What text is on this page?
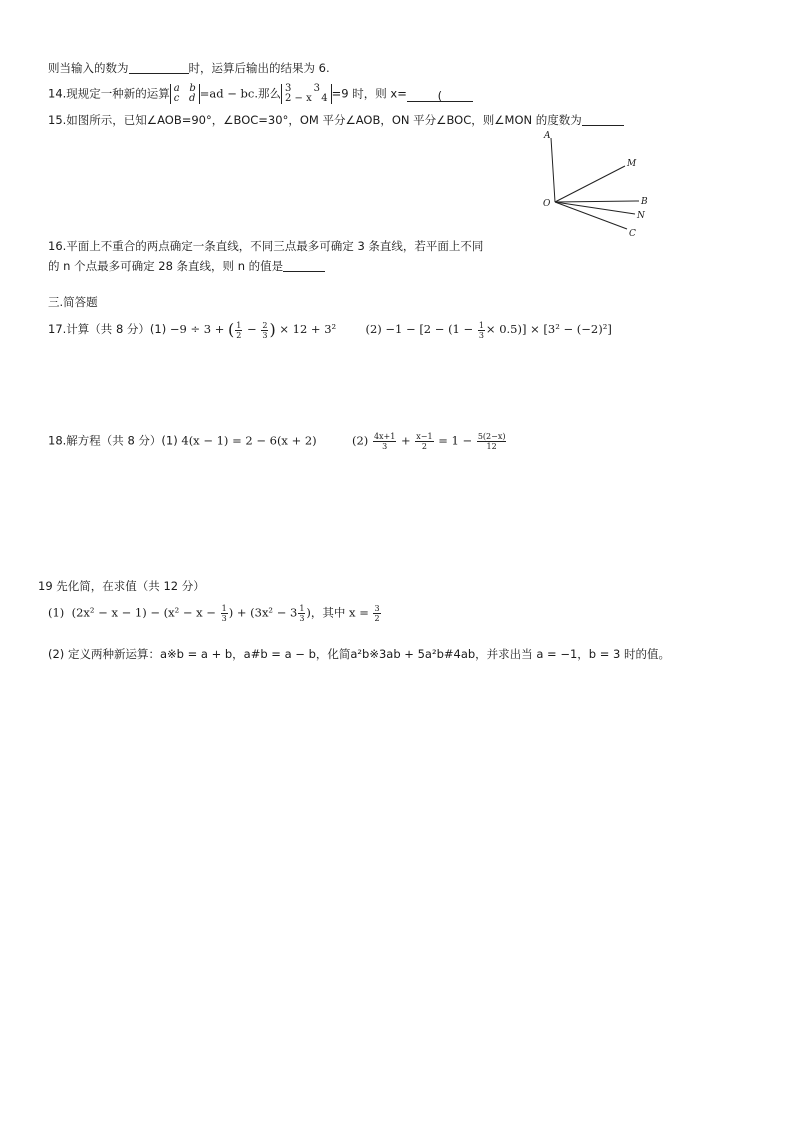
则当输入的数为	时，运算后输出的结果为 6.
14.现规定一种新的运算 a b
c d =ad − bc.那么 3 3
2 − x 4 =9 时，则 x=	(
15.如图所示，已知∠AOB=90°，∠BOC=30°，OM 平分∠AOB，ON 平分∠BOC，则∠MON 的度数为
A
M
O	B
N
C
16.平面上不重合的两点确定一条直线，不同三点最多可确定 3 条直线，若平面上不同
的 n 个点最多可确定 28 条直线，则 n 的值是
三.简答题
17.计算（共 8 分）(1) −9 ÷ 3 + ( $\frac{1}{2} - \frac{2}{3}$ ) × 12 + 3²	$(2) -1 - [2 - (1 - \frac{1}{3} \times 0.5)] \times [3^2 - (-2)^2]$
18.解方程（共 8 分）(1) 4(x − 1) = 2 − 6(x + 2)	$(2) \frac{4x+1}{3} + \frac{x-1}{2} = 1 - \frac{5(2-x)}{12}$
19 先化简，在求值（共 12 分）
(1) $(2x^2 - x - 1) - (x^2 - x - \frac{1}{3}$ ) + ($3x^2 - 3 \frac{1}{3}$ )，其中 $x = \frac{3}{2}$
(2) 定义两种新运算：a※b = a + b，a#b = a − b，化简a²b※3ab + 5a²b#4ab，并求出当 a = −1，b = 3 时的值。
